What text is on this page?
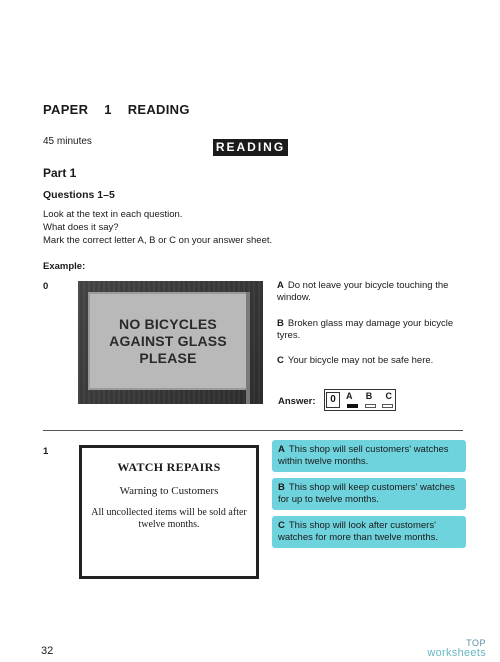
PAPER 1 READING
45 minutes	READING
Part 1
Questions 1–5
Look at the text in each question.
What does it say?
Mark the correct letter A, B or C on your answer sheet.
Example:
0
NO BICYCLES
AGAINST GLASS
PLEASE
A Do not leave your bicycle touching the window.
B Broken glass may damage your bicycle tyres.
C Your bicycle may not be safe here.
Answer:	0	A B C
1
WATCH REPAIRS
Warning to Customers
All uncollected items will be sold after twelve months.
A This shop will sell customers' watches within twelve months.
B This shop will keep customers' watches for up to twelve months.
C This shop will look after customers' watches for more than twelve months.
32
TOP
worksheets
